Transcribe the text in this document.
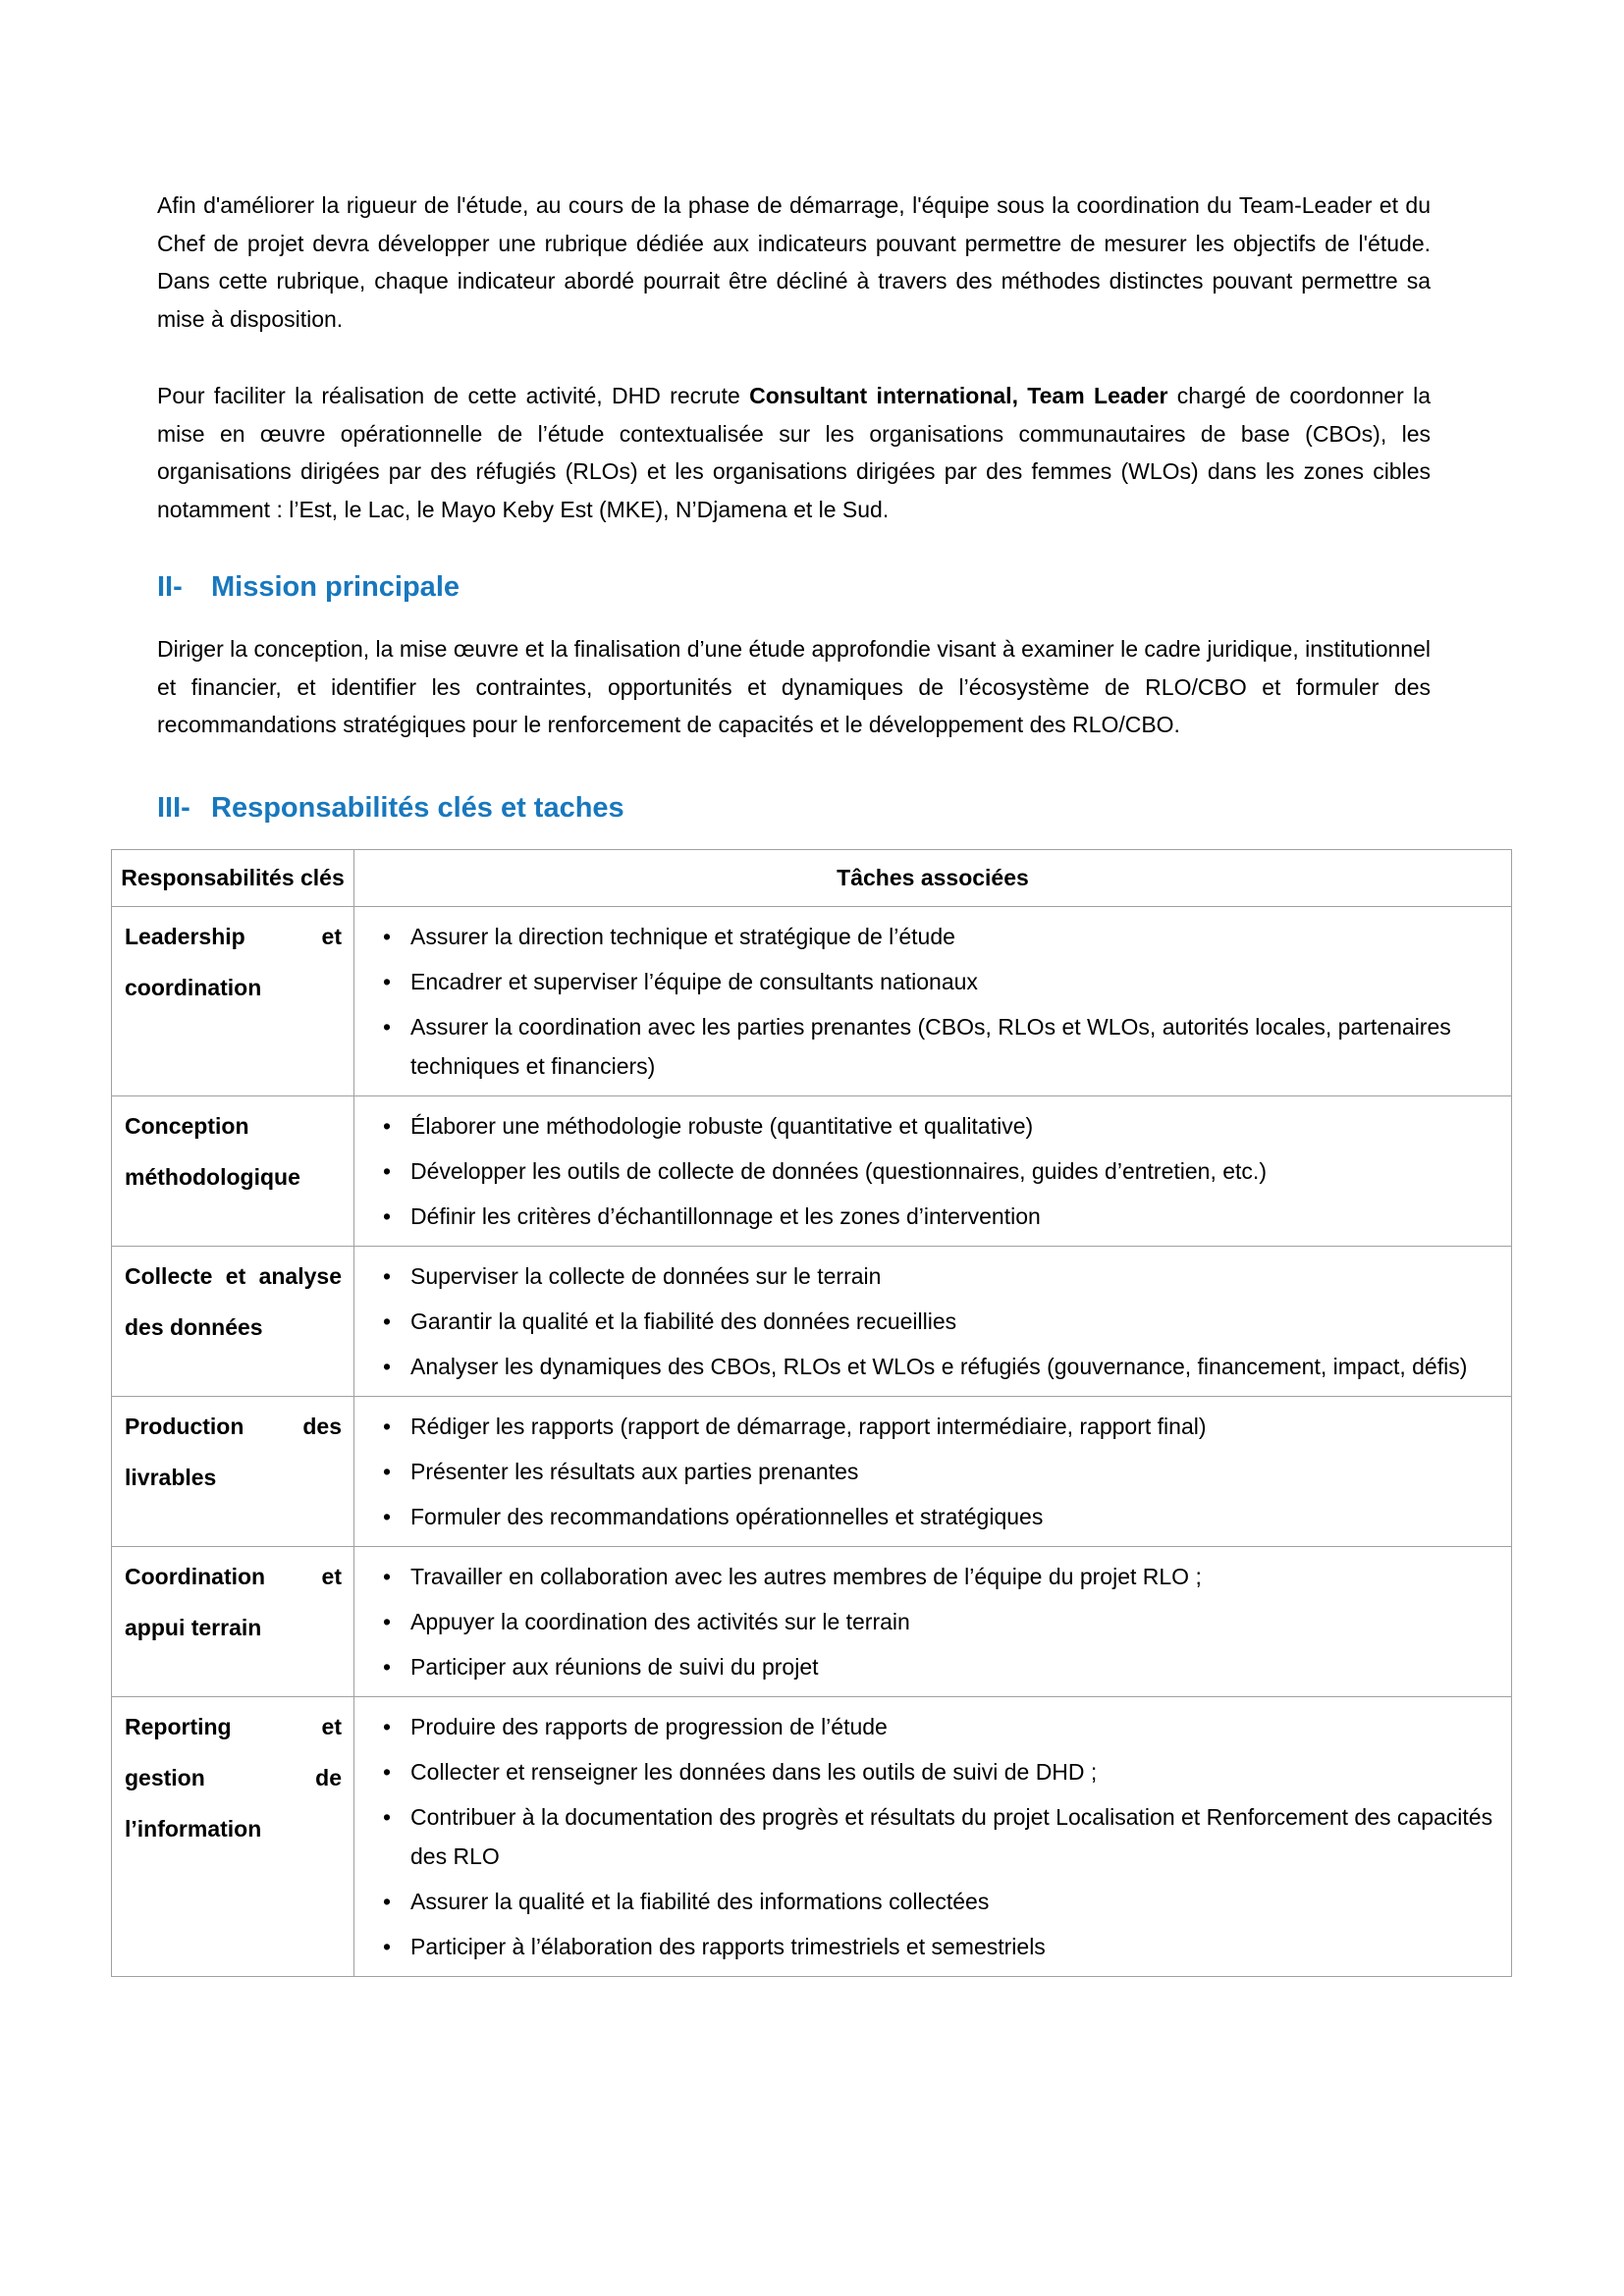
Afin d'améliorer la rigueur de l'étude, au cours de la phase de démarrage, l'équipe sous la coordination du Team-Leader et du Chef de projet devra développer une rubrique dédiée aux indicateurs pouvant permettre de mesurer les objectifs de l'étude. Dans cette rubrique, chaque indicateur abordé pourrait être décliné à travers des méthodes distinctes pouvant permettre sa mise à disposition.

Pour faciliter la réalisation de cette activité, DHD recrute Consultant international, Team Leader chargé de coordonner la mise en œuvre opérationnelle de l’étude contextualisée sur les organisations communautaires de base (CBOs), les organisations dirigées par des réfugiés (RLOs) et les organisations dirigées par des femmes (WLOs) dans les zones cibles notamment : l’Est, le Lac, le Mayo Keby Est (MKE), N’Djamena et le Sud.

II- Mission principale

Diriger la conception, la mise œuvre et la finalisation d’une étude approfondie visant à examiner le cadre juridique, institutionnel et financier, et identifier les contraintes, opportunités et dynamiques de l’écosystème de RLO/CBO et formuler des recommandations stratégiques pour le renforcement de capacités et le développement des RLO/CBO.

III- Responsabilités clés et taches
Responsabilités clés	Tâches associées
Leadership et coordination	
• Assurer la direction technique et stratégique de l’étude
• Encadrer et superviser l’équipe de consultants nationaux
• Assurer la coordination avec les parties prenantes (CBOs, RLOs et WLOs, autorités locales, partenaires techniques et financiers)

Conception méthodologique	
• Élaborer une méthodologie robuste (quantitative et qualitative)
• Développer les outils de collecte de données (questionnaires, guides d’entretien, etc.)
• Définir les critères d’échantillonnage et les zones d’intervention

Collecte et analyse des données	
• Superviser la collecte de données sur le terrain
• Garantir la qualité et la fiabilité des données recueillies
• Analyser les dynamiques des CBOs, RLOs et WLOs e réfugiés (gouvernance, financement, impact, défis)

Production des livrables	
• Rédiger les rapports (rapport de démarrage, rapport intermédiaire, rapport final)
• Présenter les résultats aux parties prenantes
• Formuler des recommandations opérationnelles et stratégiques

Coordination et appui terrain	
• Travailler en collaboration avec les autres membres de l’équipe du projet RLO ;
• Appuyer la coordination des activités sur le terrain
• Participer aux réunions de suivi du projet

Reporting et gestion de l’information	
• Produire des rapports de progression de l’étude
• Collecter et renseigner les données dans les outils de suivi de DHD ;
• Contribuer à la documentation des progrès et résultats du projet Localisation et Renforcement des capacités des RLO
• Assurer la qualité et la fiabilité des informations collectées
• Participer à l’élaboration des rapports trimestriels et semestriels
